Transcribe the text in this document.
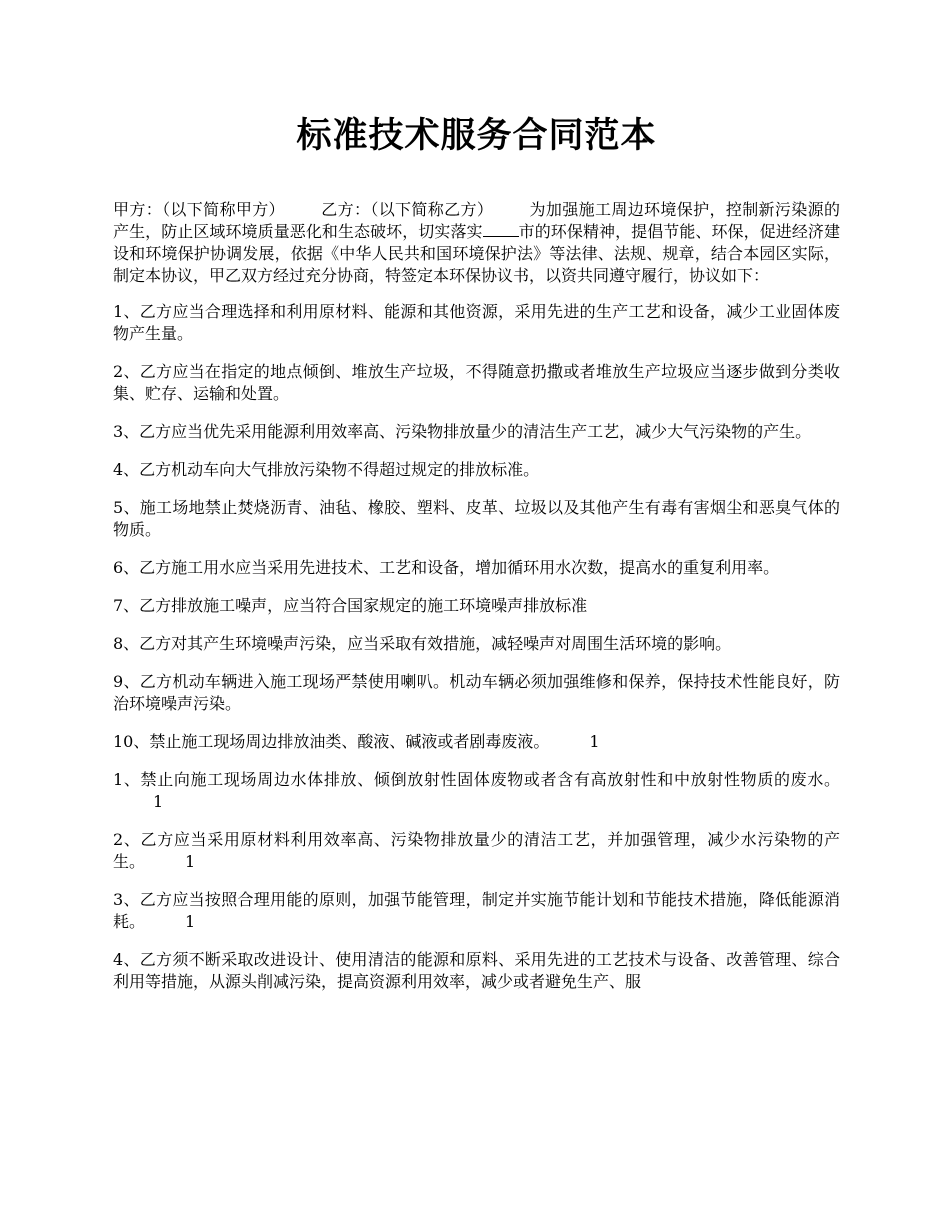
标准技术服务合同范本

甲方：（以下简称甲方） 乙方：（以下简称乙方） 为加强施工周边环境保护，控制新污染源的产生，防止区域环境质量恶化和生态破坏，切实落实 市的环保精神，提倡节能、环保，促进经济建设和环境保护协调发展，依据《中华人民共和国环境保护法》等法律、法规、规章，结合本园区实际，制定本协议，甲乙双方经过充分协商，特签定本环保协议书，以资共同遵守履行，协议如下：

1、乙方应当合理选择和利用原材料、能源和其他资源，采用先进的生产工艺和设备，减少工业固体废物产生量。

2、乙方应当在指定的地点倾倒、堆放生产垃圾，不得随意扔撒或者堆放生产垃圾应当逐步做到分类收集、贮存、运输和处置。

3、乙方应当优先采用能源利用效率高、污染物排放量少的清洁生产工艺，减少大气污染物的产生。

4、乙方机动车向大气排放污染物不得超过规定的排放标准。

5、施工场地禁止焚烧沥青、油毡、橡胶、塑料、皮革、垃圾以及其他产生有毒有害烟尘和恶臭气体的物质。

6、乙方施工用水应当采用先进技术、工艺和设备，增加循环用水次数，提高水的重复利用率。

7、乙方排放施工噪声，应当符合国家规定的施工环境噪声排放标准

8、乙方对其产生环境噪声污染，应当采取有效措施，减轻噪声对周围生活环境的影响。

9、乙方机动车辆进入施工现场严禁使用喇叭。机动车辆必须加强维修和保养，保持技术性能良好，防治环境噪声污染。

10、禁止施工现场周边排放油类、酸液、碱液或者剧毒废液。	1

1、禁止向施工现场周边水体排放、倾倒放射性固体废物或者含有高放射性和中放射性物质的废水。1

2、乙方应当采用原材料利用效率高、污染物排放量少的清洁工艺，并加强管理，减少水污染物的产生。	1

3、乙方应当按照合理用能的原则，加强节能管理，制定并实施节能计划和节能技术措施，降低能源消耗。	1

4、乙方须不断采取改进设计、使用清洁的能源和原料、采用先进的工艺技术与设备、改善管理、综合利用等措施，从源头削减污染，提高资源利用效率，减少或者避免生产、服
